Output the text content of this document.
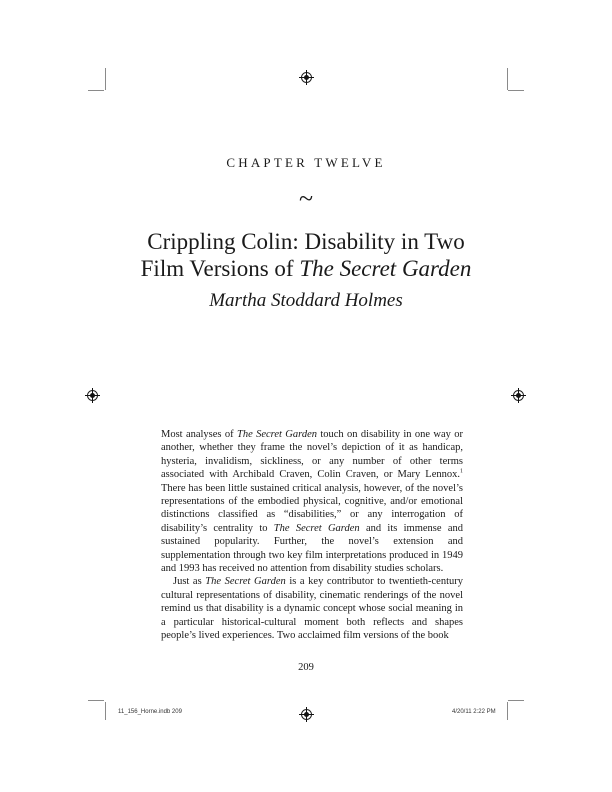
CHAPTER TWELVE
~
Crippling Colin: Disability in Two
Film Versions of The Secret Garden
Martha Stoddard Holmes

Most analyses of The Secret Garden touch on disability in one way or another, whether they frame the novel’s depiction of it as handicap, hysteria, invalidism, sickliness, or any number of other terms associated with Archibald Craven, Colin Craven, or Mary Lennox.$^1$ There has been little sustained critical analysis, however, of the novel’s representations of the embodied physical, cognitive, and/or emotional distinctions classified as “disabilities,” or any interrogation of disability’s centrality to The Secret Garden and its immense and sustained popularity. Further, the novel’s extension and supplementation through two key film interpretations produced in 1949 and 1993 has received no attention from disability studies scholars.

Just as The Secret Garden is a key contributor to twentieth-century cultural representations of disability, cinematic renderings of the novel remind us that disability is a dynamic concept whose social meaning in a particular historical-cultural moment both reflects and shapes people’s lived experiences. Two acclaimed film versions of the book

209
11_156_Horne.indb 209	4/20/11 2:22 PM
